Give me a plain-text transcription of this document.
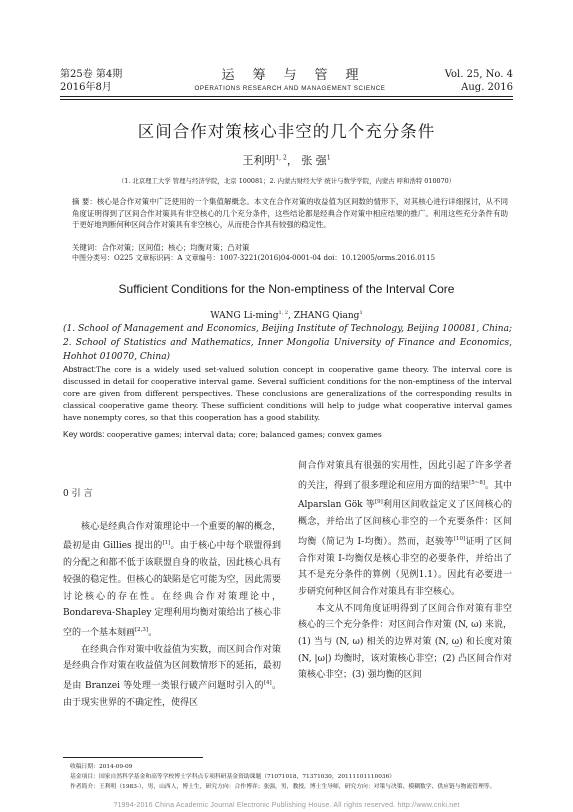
第25卷 第4期
2016年8月
运筹与管理
OPERATIONS RESEARCH AND MANAGEMENT SCIENCE
Vol. 25, No. 4
Aug. 2016
区间合作对策核心非空的几个充分条件
王利明$^{1, 2}$， 张 强$^1$
（1. 北京理工大学 管理与经济学院，北京 100081；2. 内蒙古财经大学 统计与数学学院，内蒙古 呼和浩特 010070）
摘 要：核心是合作对策中广泛使用的一个集值解概念。本文在合作对策的收益值为区间数的情形下，对其核心进行详细探讨，从不同角度证明得到了区间合作对策具有非空核心的几个充分条件，这些结论都是经典合作对策中相应结果的推广。利用这些充分条件有助于更好地判断何种区间合作对策具有非空核心，从而使合作具有较强的稳定性。
关键词：合作对策；区间值；核心；均衡对策；凸对策
中图分类号：O225 文章标识码：A 文章编号：1007-3221(2016)04-0001-04 doi：10.12005/orms.2016.0115
Sufficient Conditions for the Non-emptiness of the Interval Core
WANG Li-ming$^{1, 2}$, ZHANG Qiang$^1$
(1. School of Management and Economics, Beijing Institute of Technology, Beijing 100081, China; 2. School of Statistics and Mathematics, Inner Mongolia University of Finance and Economics, Hohhot 010070, China)
Abstract:The core is a widely used set-valued solution concept in cooperative game theory. The interval core is discussed in detail for cooperative interval game. Several sufficient conditions for the non-emptiness of the interval core are given from different perspectives. These conclusions are generalizations of the corresponding results in classical cooperative game theory. These sufficient conditions will help to judge what cooperative interval games have nonempty cores, so that this cooperation has a good stability.
Key words: cooperative games; interval data; core; balanced games; convex games

0 引 言

核心是经典合作对策理论中一个重要的解的概念，最初是由 Gillies 提出的[1]。由于核心中每个联盟得到的分配之和都不低于该联盟自身的收益，因此核心具有较强的稳定性。但核心的缺陷是它可能为空，因此需要讨论核心的存在性。在经典合作对策理论中，Bondareva-Shapley 定理利用均衡对策给出了核心非空的一个基本刻画[2,3]。

在经典合作对策中收益值为实数，而区间合作对策是经典合作对策在收益值为区间数情形下的延拓，最初是由 Branzei 等处理一类银行破产问题时引入的[4]。由于现实世界的不确定性，使得区

间合作对策具有很强的实用性，因此引起了许多学者的关注，得到了很多理论和应用方面的结果[5~8]。其中 Alparslan Gök 等[9]利用区间收益定义了区间核心的概念，并给出了区间核心非空的一个充要条件：区间均衡（简记为 I-均衡）。然而，赵骏等[10]证明了区间合作对策 I-均衡仅是核心非空的必要条件，并给出了其不是充分条件的算例（见例1.1）。因此有必要进一步研究何种区间合作对策具有非空核心。

本文从不同角度证明得到了区间合作对策有非空核心的三个充分条件：对区间合作对策 (N, ω) 来说，(1) 当与 (N, ω) 相关的边界对策 (N, ω̲) 和长度对策 (N, |ω|) 均衡时，该对策核心非空；(2) 凸区间合作对策核心非空；(3) 强均衡的区间

收稿日期：2014-09-09
基金项目：国家自然科学基金和高等学校博士学科点专项科研基金资助课题（71071018，71371030，20111101110036）
作者简介：王利明（1983-），男，山西人，博士生，研究方向：合作博弈；张强，男，教授，博士生导师，研究方向：对策与决策、模糊数学、供应链与物流管理等。
?1994-2016 China Academic Journal Electronic Publishing House. All rights reserved. http://www.cnki.net
